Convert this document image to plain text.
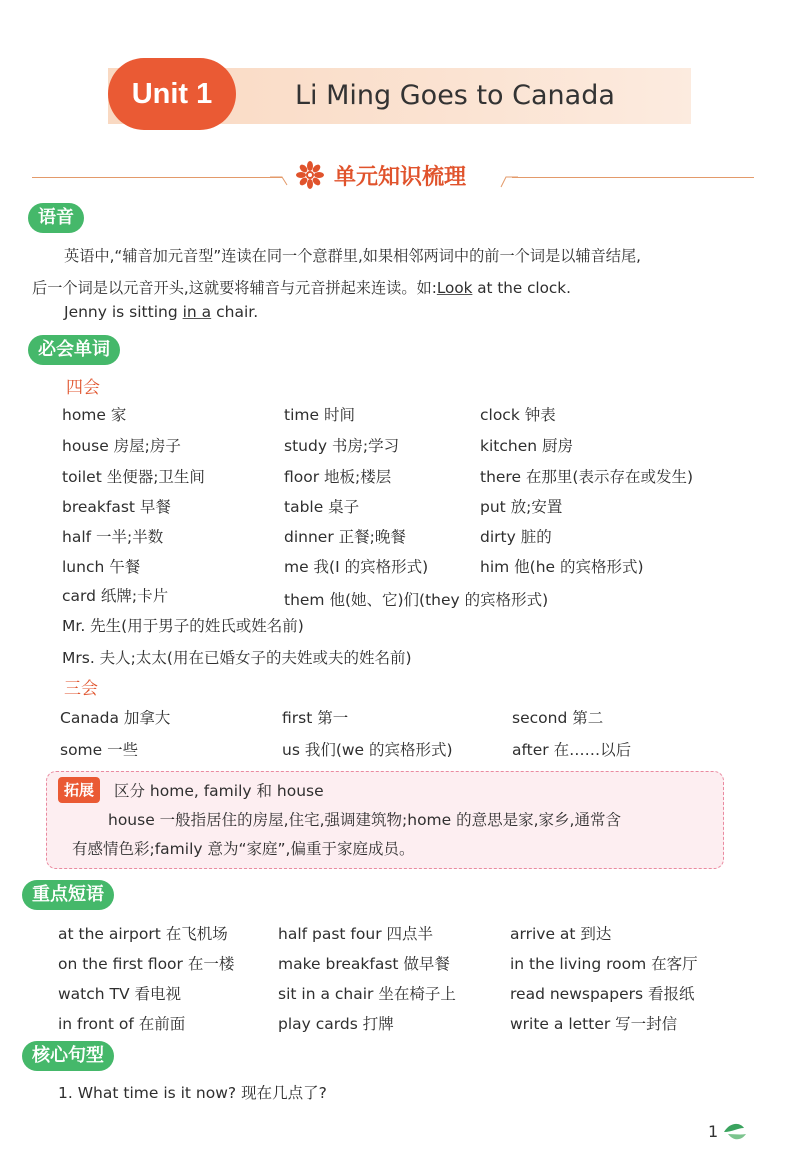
Unit 1	Li Ming Goes to Canada
单元知识梳理
语音
英语中,“辅音加元音型”连读在同一个意群里,如果相邻两词中的前一个词是以辅音结尾,
后一个词是以元音开头,这就要将辅音与元音拼起来连读。如:Look at the clock.
Jenny is sitting in a chair.
必会单词
四会
home 家	time 时间	clock 钟表
house 房屋;房子	study 书房;学习	kitchen 厨房
toilet 坐便器;卫生间	floor 地板;楼层	there 在那里(表示存在或发生)
breakfast 早餐	table 桌子	put 放;安置
half 一半;半数	dinner 正餐;晚餐	dirty 脏的
lunch 午餐	me 我(I 的宾格形式)	him 他(he 的宾格形式)
card 纸牌;卡片	them 他(她、它)们(they 的宾格形式)
Mr. 先生(用于男子的姓氏或姓名前)
Mrs. 夫人;太太(用在已婚女子的夫姓或夫的姓名前)
三会
Canada 加拿大	first 第一	second 第二
some 一些	us 我们(we 的宾格形式)	after 在……以后
拓展	区分 home, family 和 house
house 一般指居住的房屋,住宅,强调建筑物;home 的意思是家,家乡,通常含
有感情色彩;family 意为“家庭”,偏重于家庭成员。
重点短语
at the airport 在飞机场	half past four 四点半	arrive at 到达
on the first floor 在一楼	make breakfast 做早餐	in the living room 在客厅
watch TV 看电视	sit in a chair 坐在椅子上	read newspapers 看报纸
in front of 在前面	play cards 打牌	write a letter 写一封信
核心句型
1. What time is it now? 现在几点了?
1
